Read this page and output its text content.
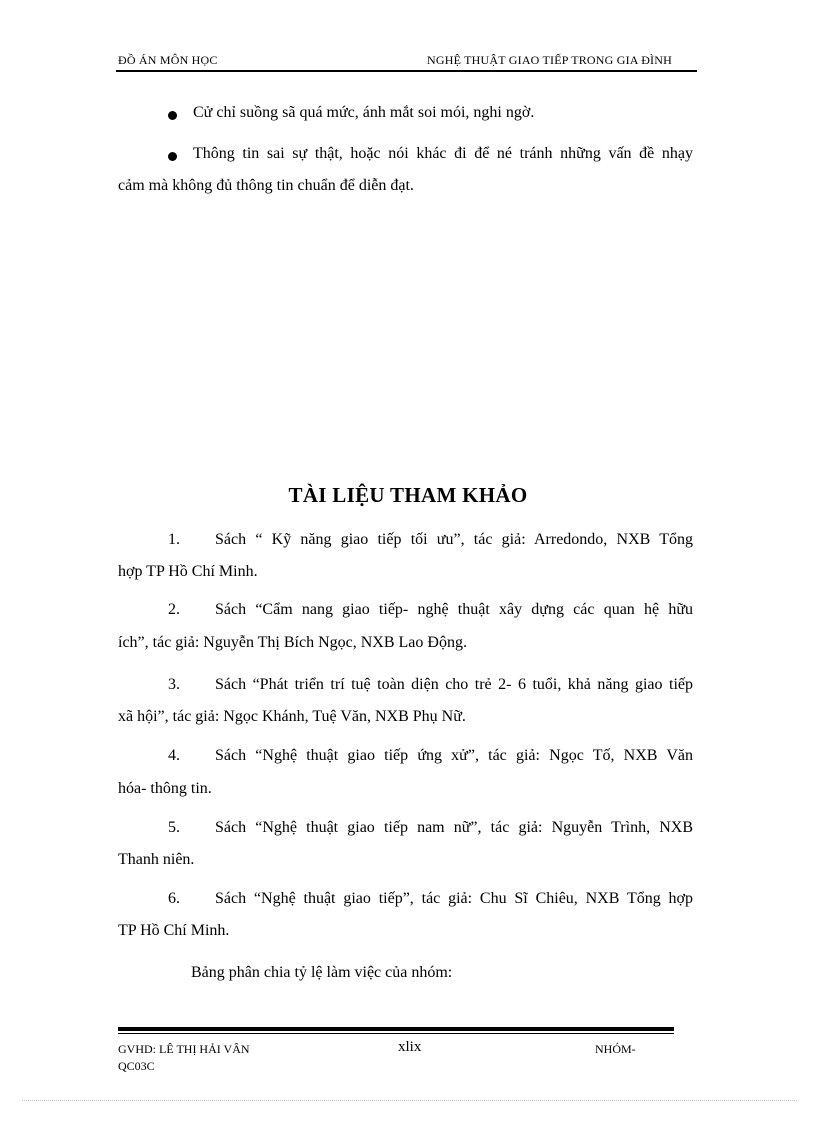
ĐỒ ÁN MÔN HỌC	NGHỆ THUẬT GIAO TIẾP TRONG GIA ĐÌNH
Cử chỉ suồng sã quá mức, ánh mắt soi mói, nghi ngờ.
Thông tin sai sự thật, hoặc nói khác đi để né tránh những vấn đề nhạy
cảm mà không đủ thông tin chuẩn để diễn đạt.
TÀI LIỆU THAM KHẢO
1. Sách “ Kỹ năng giao tiếp tối ưu”, tác giả: Arredondo, NXB Tổng
hợp TP Hồ Chí Minh.
2. Sách “Cẩm nang giao tiếp- nghệ thuật xây dựng các quan hệ hữu
ích”, tác giả: Nguyễn Thị Bích Ngọc, NXB Lao Động.
3. Sách “Phát triển trí tuệ toàn diện cho trẻ 2- 6 tuổi, khả năng giao tiếp
xã hội”, tác giả: Ngọc Khánh, Tuệ Văn, NXB Phụ Nữ.
4. Sách “Nghệ thuật giao tiếp ứng xử”, tác giả: Ngọc Tố, NXB Văn
hóa- thông tin.
5. Sách “Nghệ thuật giao tiếp nam nữ”, tác giả: Nguyễn Trình, NXB
Thanh niên.
6. Sách “Nghệ thuật giao tiếp”, tác giả: Chu Sĩ Chiêu, NXB Tổng hợp
TP Hồ Chí Minh.
Bảng phân chia tỷ lệ làm việc của nhóm:
GVHD: LÊ THỊ HẢI VÂN	xlix	NHÓM-
QC03C
